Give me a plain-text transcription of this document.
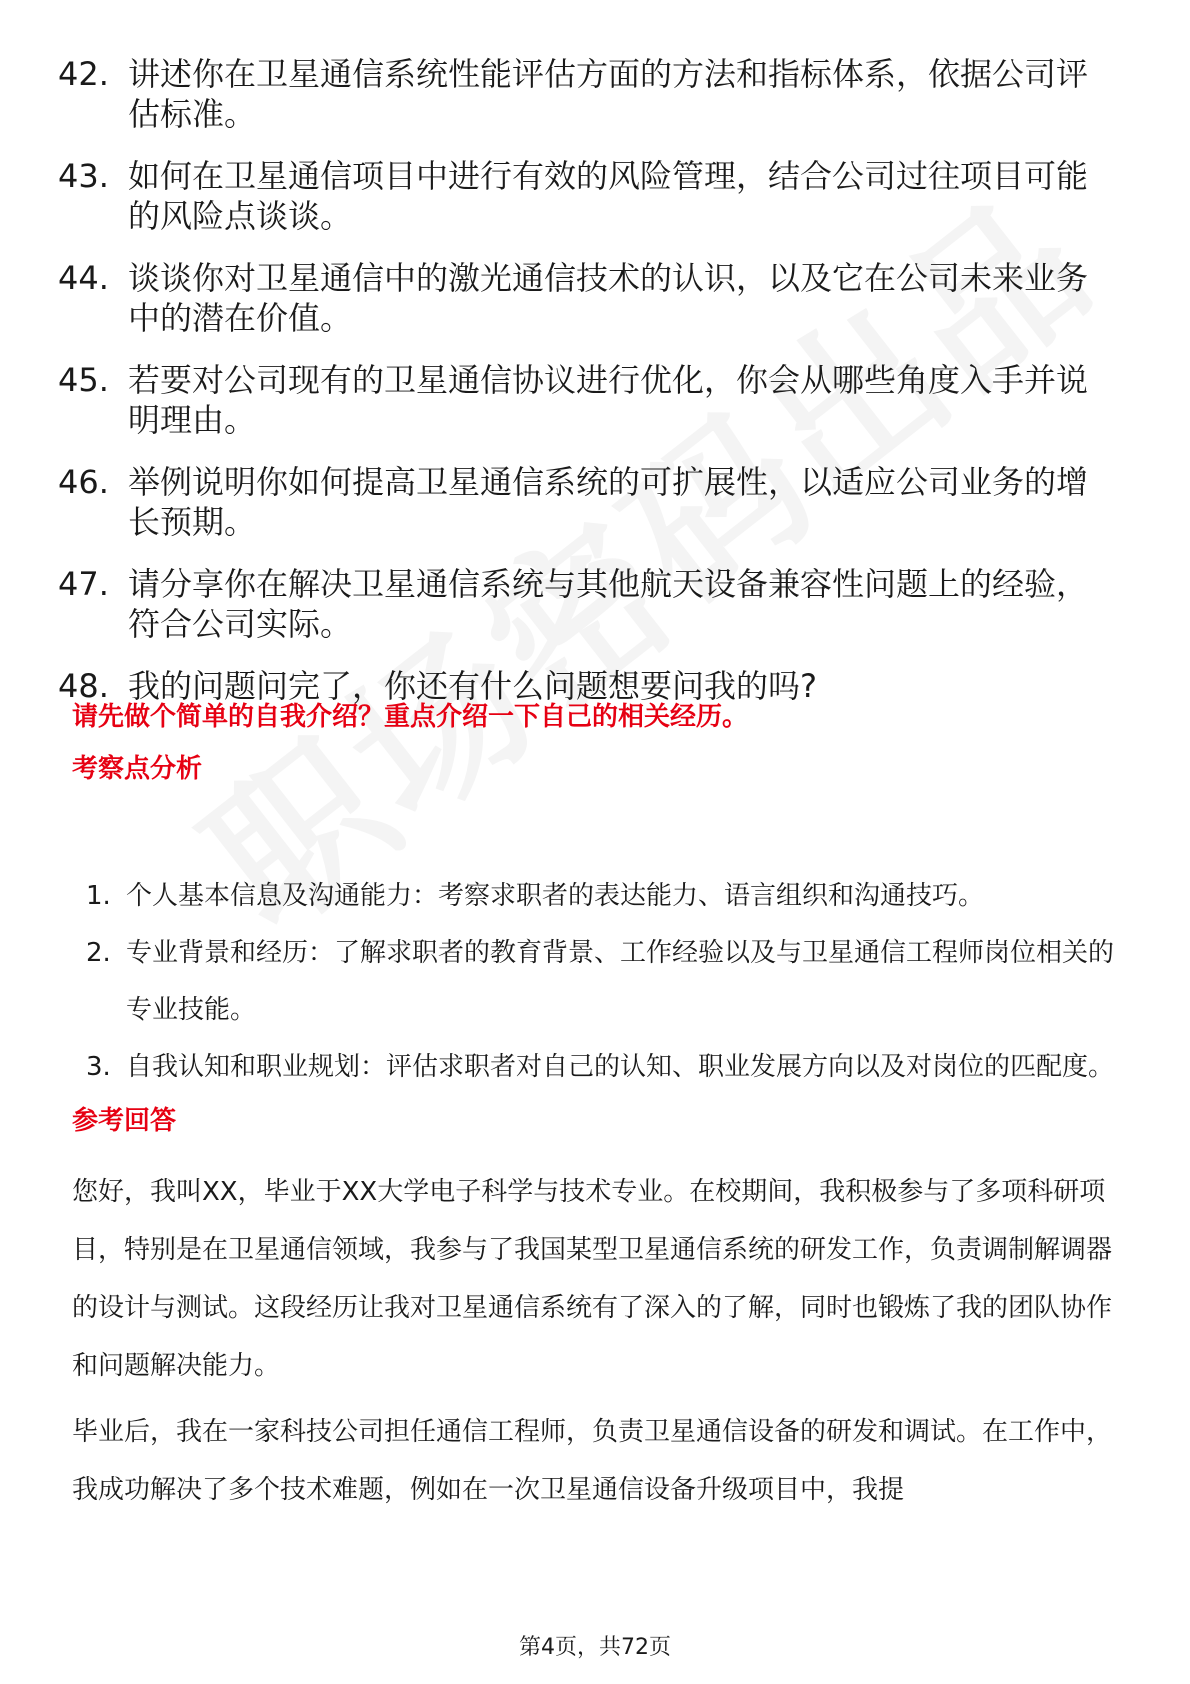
42. 讲述你在卫星通信系统性能评估方面的方法和指标体系，依据公司评估标准。
43. 如何在卫星通信项目中进行有效的风险管理，结合公司过往项目可能的风险点谈谈。
44. 谈谈你对卫星通信中的激光通信技术的认识，以及它在公司未来业务中的潜在价值。
45. 若要对公司现有的卫星通信协议进行优化，你会从哪些角度入手并说明理由。
46. 举例说明你如何提高卫星通信系统的可扩展性，以适应公司业务的增长预期。
47. 请分享你在解决卫星通信系统与其他航天设备兼容性问题上的经验，符合公司实际。
48. 我的问题问完了，你还有什么问题想要问我的吗?
请先做个简单的自我介绍？重点介绍一下自己的相关经历。
考察点分析
1. 个人基本信息及沟通能力：考察求职者的表达能力、语言组织和沟通技巧。
2. 专业背景和经历：了解求职者的教育背景、工作经验以及与卫星通信工程师岗位相关的专业技能。
3. 自我认知和职业规划：评估求职者对自己的认知、职业发展方向以及对岗位的匹配度。
参考回答

您好，我叫XX，毕业于XX大学电子科学与技术专业。在校期间，我积极参与了多项科研项目，特别是在卫星通信领域，我参与了我国某型卫星通信系统的研发工作，负责调制解调器的设计与测试。这段经历让我对卫星通信系统有了深入的了解，同时也锻炼了我的团队协作和问题解决能力。

毕业后，我在一家科技公司担任通信工程师，负责卫星通信设备的研发和调试。在工作中，我成功解决了多个技术难题，例如在一次卫星通信设备升级项目中，我提

第4页，共72页
